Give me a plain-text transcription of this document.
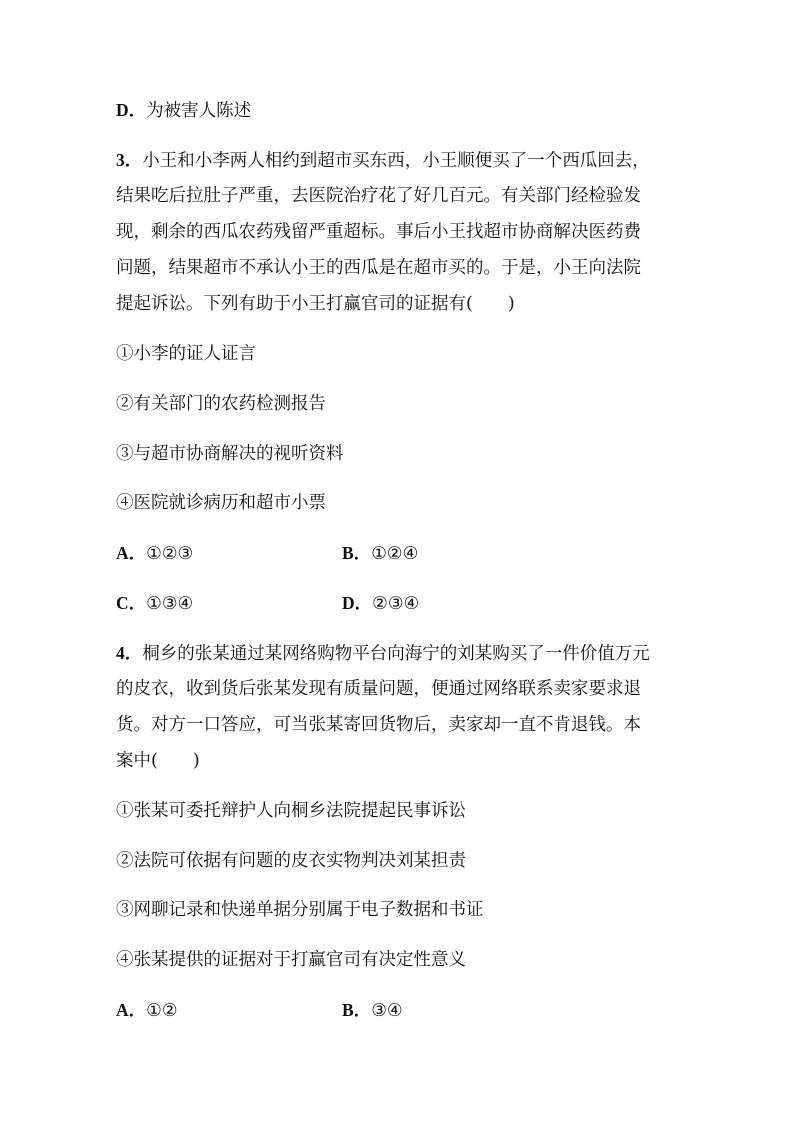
D．为被害人陈述
3．小王和小李两人相约到超市买东西，小王顺便买了一个西瓜回去，
结果吃后拉肚子严重，去医院治疗花了好几百元。有关部门经检验发
现，剩余的西瓜农药残留严重超标。事后小王找超市协商解决医药费
问题，结果超市不承认小王的西瓜是在超市买的。于是，小王向法院
提起诉讼。下列有助于小王打赢官司的证据有(　　)
①小李的证人证言
②有关部门的农药检测报告
③与超市协商解决的视听资料
④医院就诊病历和超市小票
A．①②③	B．①②④
C．①③④	D．②③④
4．桐乡的张某通过某网络购物平台向海宁的刘某购买了一件价值万元
的皮衣，收到货后张某发现有质量问题，便通过网络联系卖家要求退
货。对方一口答应，可当张某寄回货物后，卖家却一直不肯退钱。本
案中(　　)
①张某可委托辩护人向桐乡法院提起民事诉讼
②法院可依据有问题的皮衣实物判决刘某担责
③网聊记录和快递单据分别属于电子数据和书证
④张某提供的证据对于打赢官司有决定性意义
A．①②	B．③④
